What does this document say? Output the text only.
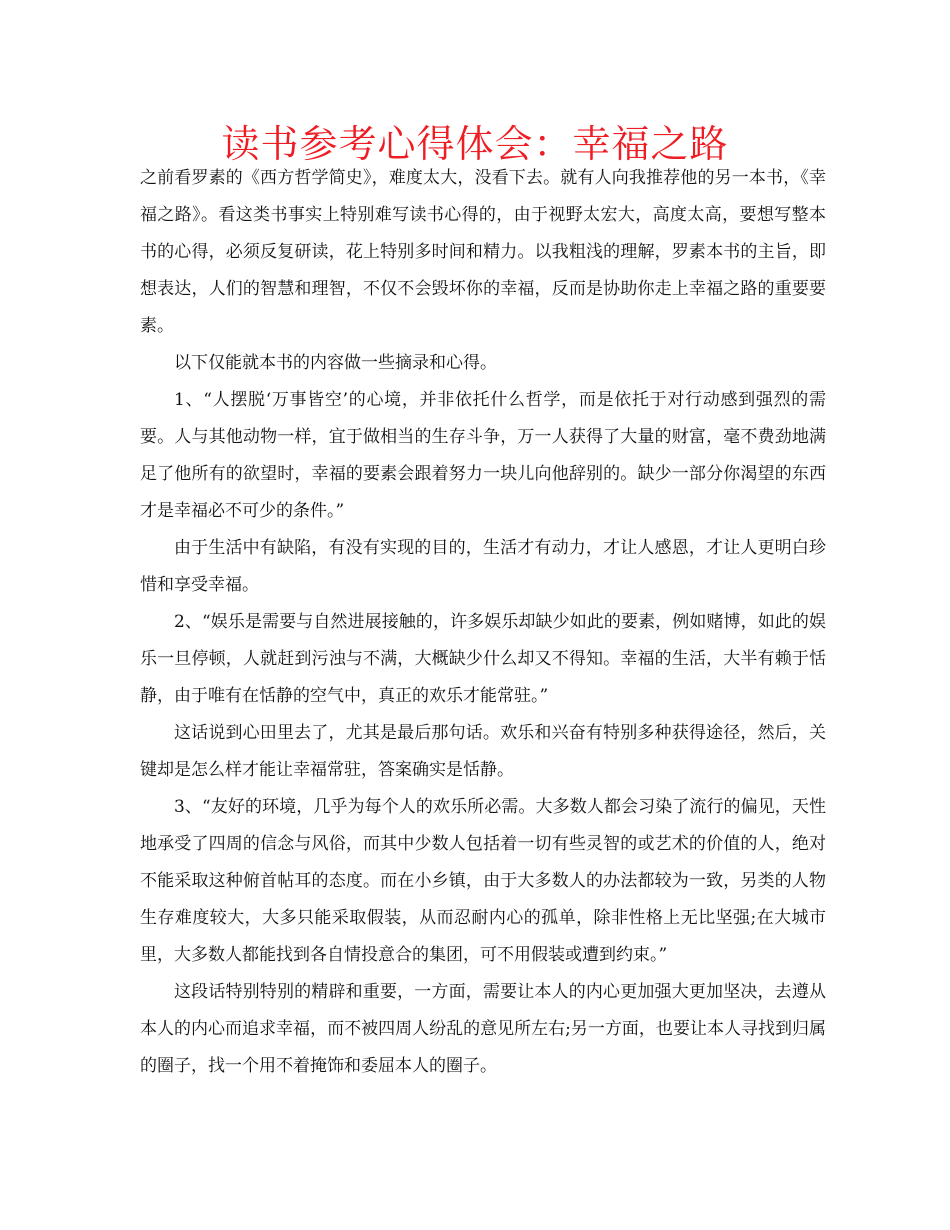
读书参考心得体会：幸福之路

之前看罗素的《西方哲学简史》，难度太大，没看下去。就有人向我推荐他的另一本书，《幸福之路》。看这类书事实上特别难写读书心得的，由于视野太宏大，高度太高，要想写整本书的心得，必须反复研读，花上特别多时间和精力。以我粗浅的理解，罗素本书的主旨，即想表达，人们的智慧和理智，不仅不会毁坏你的幸福，反而是协助你走上幸福之路的重要要素。

以下仅能就本书的内容做一些摘录和心得。

1、“人摆脱‘万事皆空’的心境，并非依托什么哲学，而是依托于对行动感到强烈的需要。人与其他动物一样，宜于做相当的生存斗争，万一人获得了大量的财富，毫不费劲地满足了他所有的欲望时，幸福的要素会跟着努力一块儿向他辞别的。缺少一部分你渴望的东西才是幸福必不可少的条件。”

由于生活中有缺陷，有没有实现的目的，生活才有动力，才让人感恩，才让人更明白珍惜和享受幸福。

2、“娱乐是需要与自然进展接触的，许多娱乐却缺少如此的要素，例如赌博，如此的娱乐一旦停顿，人就赶到污浊与不满，大概缺少什么却又不得知。幸福的生活，大半有赖于恬静，由于唯有在恬静的空气中，真正的欢乐才能常驻。”

这话说到心田里去了，尤其是最后那句话。欢乐和兴奋有特别多种获得途径，然后，关键却是怎么样才能让幸福常驻，答案确实是恬静。

3、“友好的环境，几乎为每个人的欢乐所必需。大多数人都会习染了流行的偏见，天性地承受了四周的信念与风俗，而其中少数人包括着一切有些灵智的或艺术的价值的人，绝对不能采取这种俯首帖耳的态度。而在小乡镇，由于大多数人的办法都较为一致，另类的人物生存难度较大，大多只能采取假装，从而忍耐内心的孤单，除非性格上无比坚强;在大城市里，大多数人都能找到各自情投意合的集团，可不用假装或遭到约束。”

这段话特别特别的精辟和重要，一方面，需要让本人的内心更加强大更加坚决，去遵从本人的内心而追求幸福，而不被四周人纷乱的意见所左右;另一方面，也要让本人寻找到归属的圈子，找一个用不着掩饰和委屈本人的圈子。
